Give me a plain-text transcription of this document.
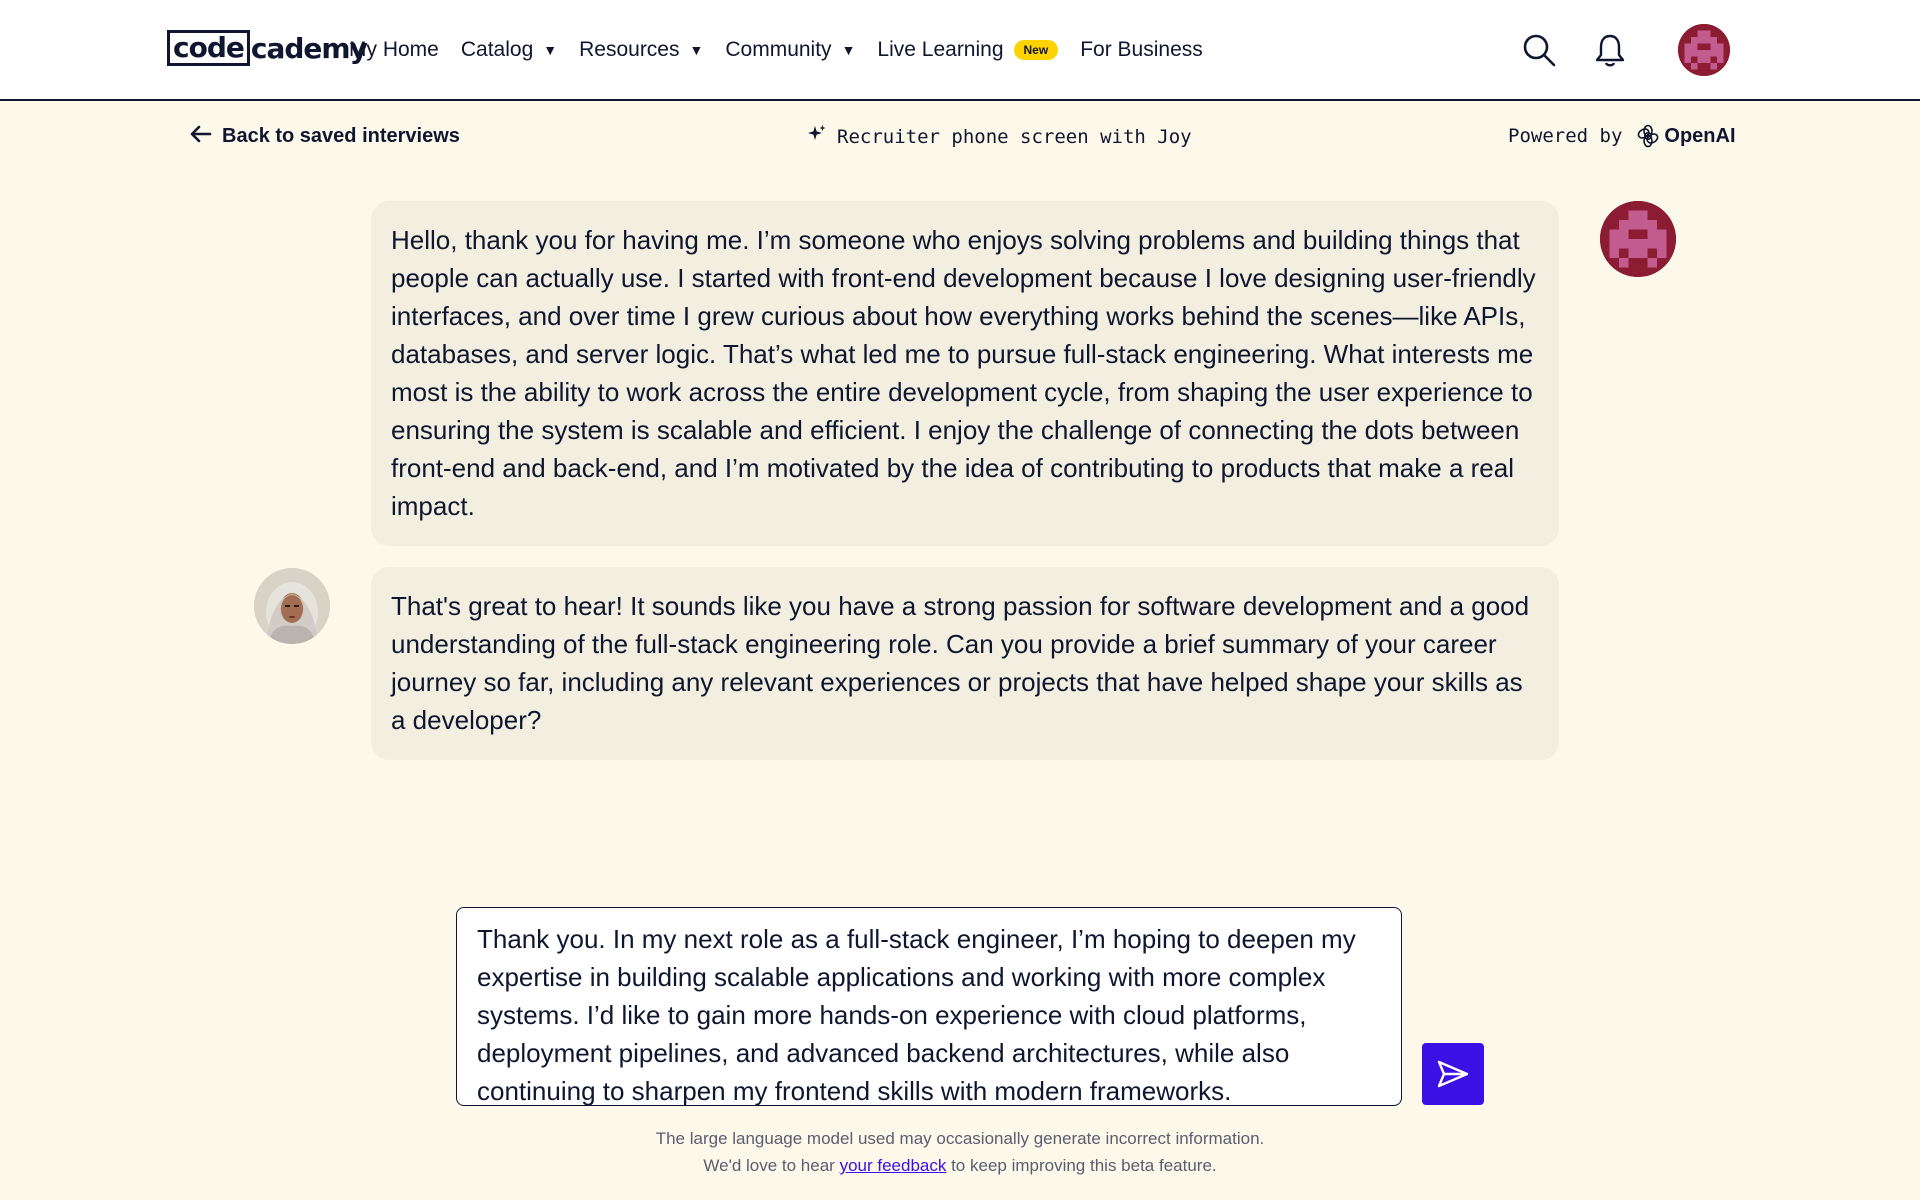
code cademy
My Home Catalog ▼ Resources ▼ Community ▼ Live Learning	New	For Business
Back to saved interviews	Recruiter phone screen with Joy	Powered by OpenAI
Hello, thank you for having me. I’m someone who enjoys solving problems and building things that people can actually use. I started with front-end development because I love designing user-friendly interfaces, and over time I grew curious about how everything works behind the scenes—like APIs, databases, and server logic. That’s what led me to pursue full-stack engineering. What interests me most is the ability to work across the entire development cycle, from shaping the user experience to ensuring the system is scalable and efficient. I enjoy the challenge of connecting the dots between front-end and back-end, and I’m motivated by the idea of contributing to products that make a real impact.
That's great to hear! It sounds like you have a strong passion for software development and a good understanding of the full-stack engineering role. Can you provide a brief summary of your career journey so far, including any relevant experiences or projects that have helped shape your skills as a developer?
Thank you. In my next role as a full-stack engineer, I’m hoping to deepen my expertise in building scalable applications and working with more complex systems. I’d like to gain more hands-on experience with cloud platforms, deployment pipelines, and advanced backend architectures, while also continuing to sharpen my frontend skills with modern frameworks.
The large language model used may occasionally generate incorrect information.
We'd love to hear your feedback to keep improving this beta feature.
